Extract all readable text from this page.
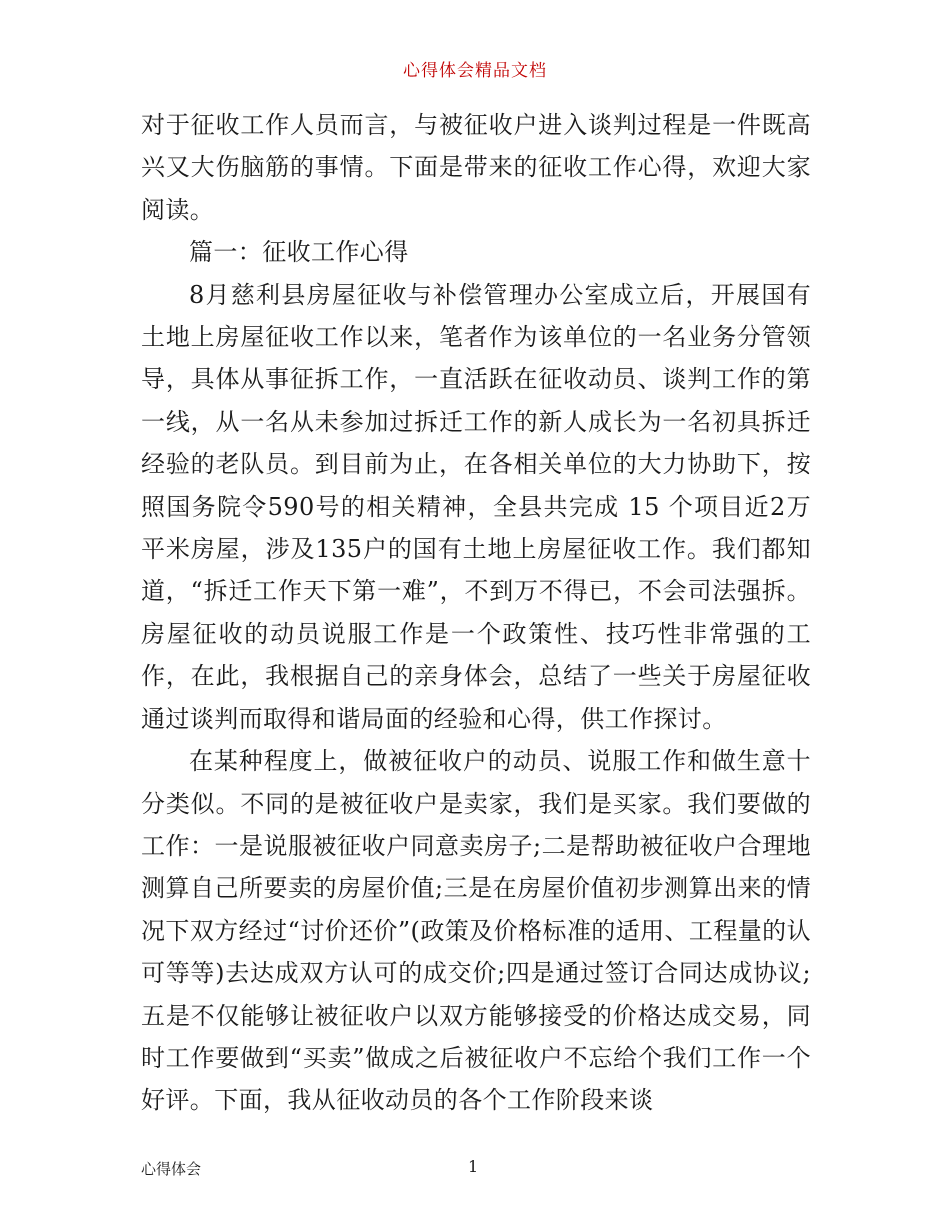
心得体会精品文档

对于征收工作人员而言，与被征收户进入谈判过程是一件既高兴又大伤脑筋的事情。下面是带来的征收工作心得，欢迎大家阅读。

篇一：征收工作心得

8月慈利县房屋征收与补偿管理办公室成立后，开展国有土地上房屋征收工作以来，笔者作为该单位的一名业务分管领导，具体从事征拆工作，一直活跃在征收动员、谈判工作的第一线，从一名从未参加过拆迁工作的新人成长为一名初具拆迁经验的老队员。到目前为止，在各相关单位的大力协助下，按照国务院令590号的相关精神，全县共完成 15 个项目近2万平米房屋，涉及135户的国有土地上房屋征收工作。我们都知道，“拆迁工作天下第一难”，不到万不得已，不会司法强拆。房屋征收的动员说服工作是一个政策性、技巧性非常强的工作，在此，我根据自己的亲身体会，总结了一些关于房屋征收通过谈判而取得和谐局面的经验和心得，供工作探讨。

在某种程度上，做被征收户的动员、说服工作和做生意十分类似。不同的是被征收户是卖家，我们是买家。我们要做的工作：一是说服被征收户同意卖房子;二是帮助被征收户合理地测算自己所要卖的房屋价值;三是在房屋价值初步测算出来的情况下双方经过“讨价还价”(政策及价格标准的适用、工程量的认可等等)去达成双方认可的成交价;四是通过签订合同达成协议;五是不仅能够让被征收户以双方能够接受的价格达成交易，同时工作要做到“买卖”做成之后被征收户不忘给个我们工作一个好评。下面，我从征收动员的各个工作阶段来谈

心得体会	1
